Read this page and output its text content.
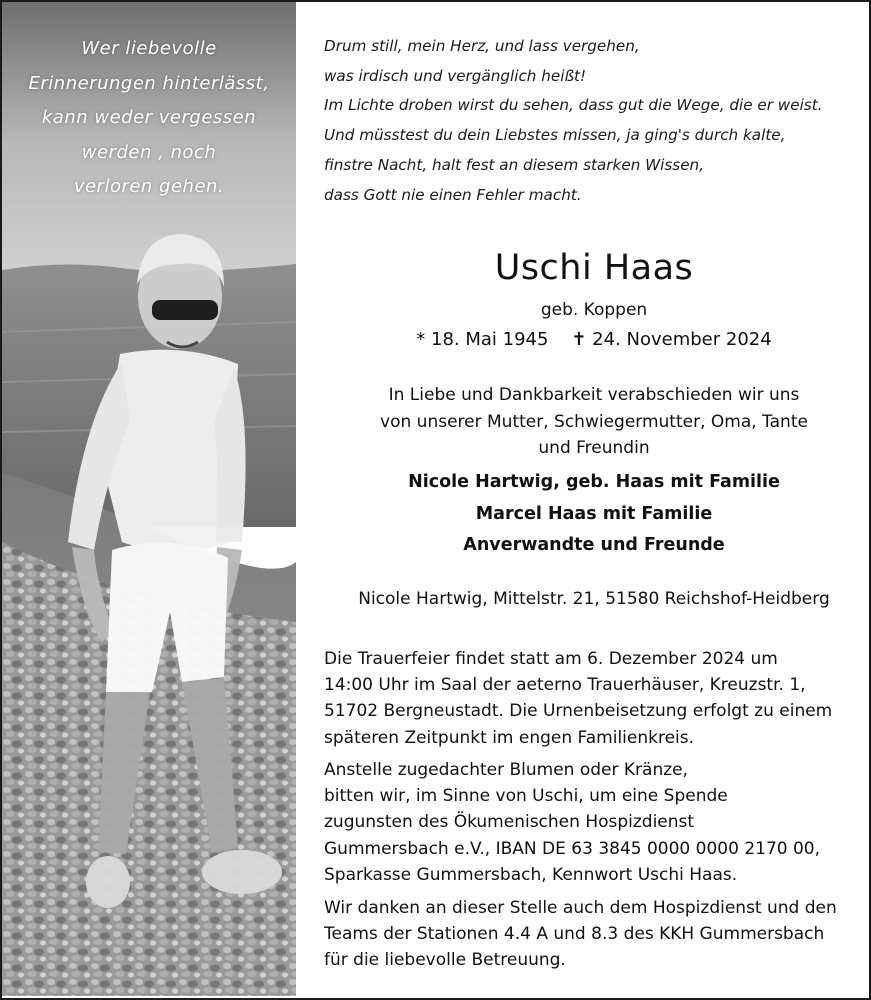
Wer liebevolle
Erinnerungen hinterlässt,
kann weder vergessen
werden , noch
verloren gehen.
Drum still, mein Herz, und lass vergehen,
was irdisch und vergänglich heißt!
Im Lichte droben wirst du sehen, dass gut die Wege, die er weist.
Und müsstest du dein Liebstes missen, ja ging's durch kalte,
finstre Nacht, halt fest an diesem starken Wissen,
dass Gott nie einen Fehler macht.
Uschi Haas
geb. Koppen
* 18. Mai 1945 ✝ 24. November 2024
In Liebe und Dankbarkeit verabschieden wir uns
von unserer Mutter, Schwiegermutter, Oma, Tante
und Freundin
Nicole Hartwig, geb. Haas mit Familie
Marcel Haas mit Familie
Anverwandte und Freunde
Nicole Hartwig, Mittelstr. 21, 51580 Reichshof-Heidberg
Die Trauerfeier findet statt am 6. Dezember 2024 um
14:00 Uhr im Saal der aeterno Trauerhäuser, Kreuzstr. 1,
51702 Bergneustadt. Die Urnenbeisetzung erfolgt zu einem
späteren Zeitpunkt im engen Familienkreis.
Anstelle zugedachter Blumen oder Kränze,
bitten wir, im Sinne von Uschi, um eine Spende
zugunsten des Ökumenischen Hospizdienst
Gummersbach e.V., IBAN DE 63 3845 0000 0000 2170 00,
Sparkasse Gummersbach, Kennwort Uschi Haas.
Wir danken an dieser Stelle auch dem Hospizdienst und den
Teams der Stationen 4.4 A und 8.3 des KKH Gummersbach
für die liebevolle Betreuung.
